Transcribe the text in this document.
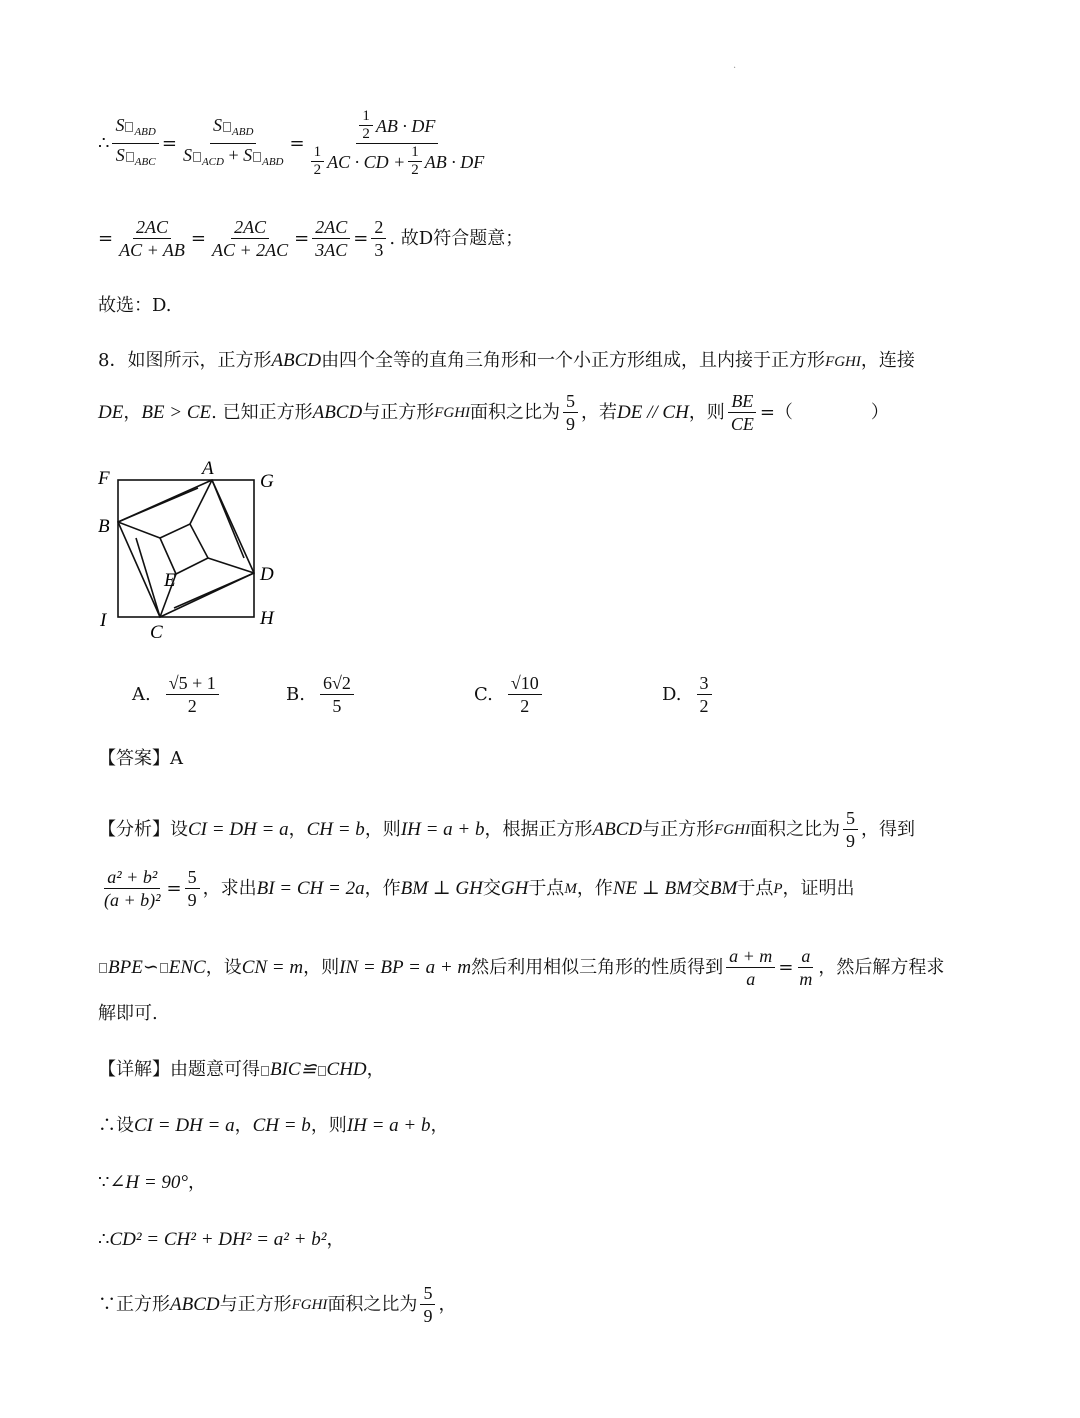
.
∴ $\frac{S _{ABD}}{S _{ABC}} = \frac{S _{ABD}}{S _{ACD} + S _{ABD}} = \frac{\frac{1}{2} AB \cdot DF}{\frac{1}{2} AC \cdot CD + \frac{1}{2} AB \cdot DF}$
= $\frac{2AC}{AC + AB} = \frac{2AC}{AC + 2AC} = \frac{2AC}{3AC} = \frac{2}{3}$ . 故D符合题意；
故选：D.
8．如图所示，正方形ABCD由四个全等的直角三角形和一个小正方形组成，且内接于正方形FGHI，连接
DE ， BE > CE . 已知正方形 ABCD 与正方形 FGHI 面积之比为 $\frac{5}{9}$ ，若 DE // CH ，则 $\frac{BE}{CE}$ =（	）
F	A
G
B
E	D
I
C
H
A. $\frac{√5 + 1}{2}$	B. $\frac{6√2}{5}$	C. $\frac{√10}{2}$	D. $\frac{3}{2}$
【答案】A
【分析】设 CI = DH = a ， CH = b ，则 IH = a + b ，根据正方形 ABCD 与正方形 FGHI 面积之比为 $\frac{5}{9}$ ，得到
$\frac{\text{a² + b²}}{\text{(a + b)²}} = \frac{5}{9}$ ，求出 BI = CH = 2a ，作 BM ⊥ GH 交 GH 于点 M ，作 NE ⊥ BM 交 BM 于点 P ，证明出
BPE∽ ENC ，设 CN = m ，则 IN = BP = a + m 然后利用相似三角形的性质得到 $\frac{a + m}{a} = \frac{a}{m}$ ，然后解方程求
解即可.
【详解】由题意可得 BIC≌ CHD，
∴设CI = DH = a，CH = b，则IH = a + b，
∵∠H = 90°，
∴CD² = CH² + DH² = a² + b²，
∵正方形 ABCD 与正方形 FGHI 面积之比为 $\frac{5}{9}$ ，
